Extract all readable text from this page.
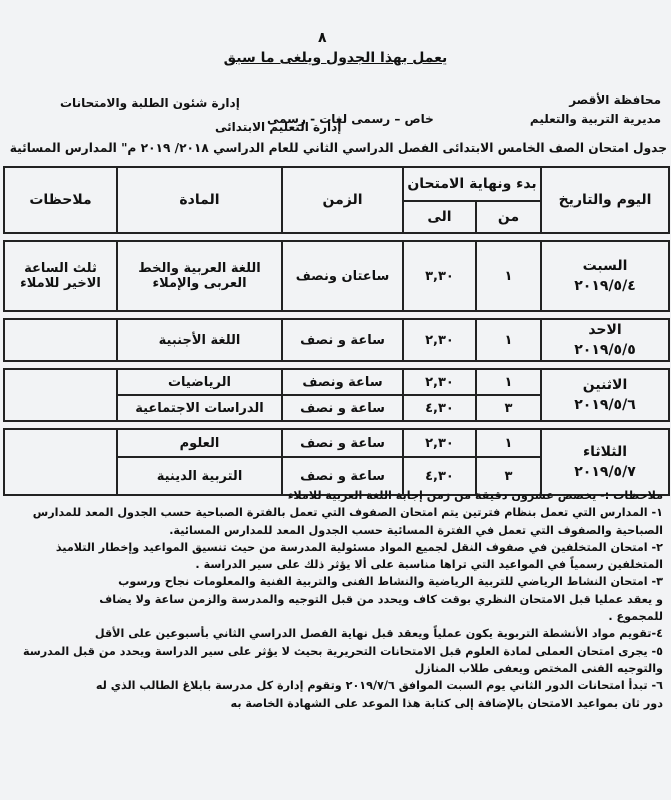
٨
يعمل بهذا الجدول ويلغى ما سبق
محافظة الأقصر
مديرية التربية والتعليم
إدارة شئون الطلبة والامتحانات
إدارة التعليم الابتدائى
خاص – رسمى لغات - رسمى
جدول امتحان الصف الخامس الابتدائى الفصل الدراسي الثاني للعام الدراسي ٢٠١٨/ ٢٠١٩ م" المدارس المسائية
اليوم والتاريخ	بدء ونهاية الامتحان		الزمن	المادة	ملاحظات
	من	الى			

السبت
٢٠١٩/٥/٤	١	٣,٣٠	ساعتان ونصف	اللغة العربية والخط العربى والإملاء	ثلث الساعة الاخير للاملاء

الاحد
٢٠١٩/٥/٥	١	٢,٣٠	ساعة و نصف	اللغة الأجنبية	

الاثنين
٢٠١٩/٥/٦	١	٢,٣٠	ساعة ونصف	الرياضيات	
	٣	٤,٣٠	ساعة و نصف	الدراسات الاجتماعية	

الثلاثاء
٢٠١٩/٥/٧	١	٢,٣٠	ساعة و نصف	العلوم	
	٣	٤,٣٠	ساعة و نصف	التربية الدينية	
ملاحظات :- يخصص عشرون دقيقة من زمن إجابة اللغة العربية للاملاء
١- المدارس التي تعمل بنظام فترتين يتم امتحان الصفوف التي تعمل بالفترة الصباحية حسب الجدول المعد للمدارس
الصباحية والصفوف التي تعمل في الفترة المسائية حسب الجدول المعد للمدارس المسائية.
٢- امتحان المتخلفين في صفوف النقل لجميع المواد مسئولية المدرسة من حيث تنسيق المواعيد وإخطار التلاميذ
المتخلفين رسمياً في المواعيد التي تراها مناسبة على ألا يؤثر ذلك على سير الدراسة .
٣- امتحان النشاط الرياضي للتربية الرياضية والنشاط الفنى والتربية الفنية والمعلومات نجاح ورسوب
و يعقد عمليا قبل الامتحان النظري بوقت كاف ويحدد من قبل التوجيه والمدرسة والزمن ساعة ولا يضاف
للمجموع .
٤-تقويم مواد الأنشطة التربوية يكون عملياً ويعقد قبل نهاية الفصل الدراسي الثاني بأسبوعين على الأقل
٥- يجرى امتحان العملى لمادة العلوم قبل الامتحانات التحريرية بحيث لا يؤثر على سير الدراسة ويحدد من قبل المدرسة
والتوجيه الفنى المختص ويعفى طلاب المنازل
٦- تبدأ امتحانات الدور الثاني يوم السبت الموافق ٢٠١٩/٧/٦ وتقوم إدارة كل مدرسة بابلاغ الطالب الذي له
دور ثان بمواعيد الامتحان بالإضافة إلى كتابة هذا الموعد على الشهادة الخاصة به
